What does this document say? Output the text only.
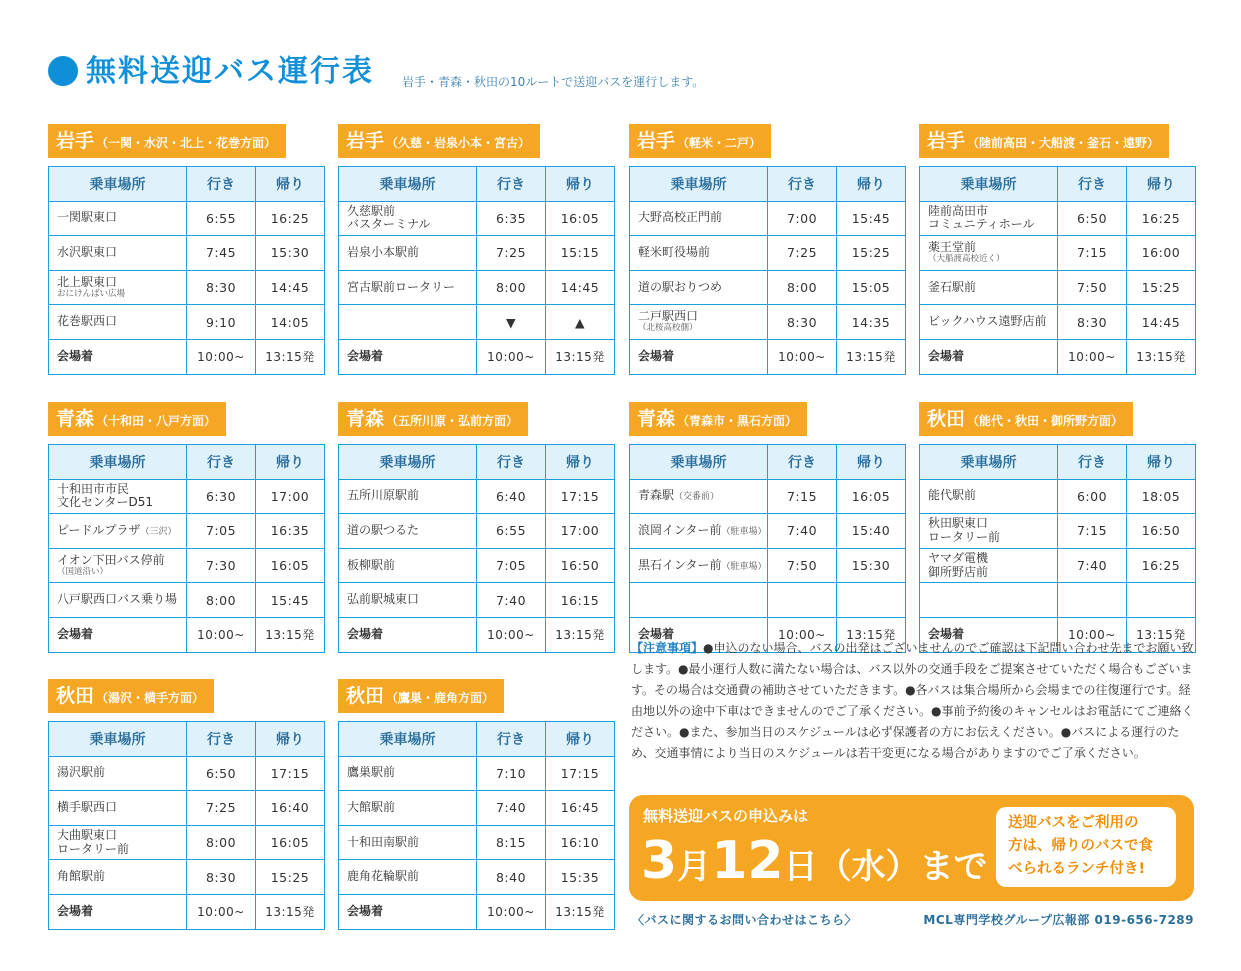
無料送迎バス運行表 岩手・青森・秋田の10ルートで送迎バスを運行します。
岩手 （一関・水沢・北上・花巻方面）
乗車場所	行き	帰り
一関駅東口	6:55	16:25
水沢駅東口	7:45	15:30
北上駅東口
おにけんばい広場	8:30	14:45
花巻駅西口	9:10	14:05
会場着	10:00~	13:15発
岩手 （久慈・岩泉小本・宮古）
乗車場所	行き	帰り
久慈駅前
バスターミナル	6:35	16:05
岩泉小本駅前	7:25	15:15
宮古駅前ロータリー	8:00	14:45
	▼	▲
会場着	10:00~	13:15発
岩手 （軽米・二戸）
乗車場所	行き	帰り
大野高校正門前	7:00	15:45
軽米町役場前	7:25	15:25
道の駅おりつめ	8:00	15:05
二戸駅西口
（北桜高校側）	8:30	14:35
会場着	10:00~	13:15発
岩手 （陸前高田・大船渡・釜石・遠野）
乗車場所	行き	帰り
陸前高田市
コミュニティホール	6:50	16:25
薬王堂前
（大船渡高校近く）	7:15	16:00
釜石駅前	7:50	15:25
ビックハウス遠野店前	8:30	14:45
会場着	10:00~	13:15発
青森 （十和田・八戸方面）
乗車場所	行き	帰り
十和田市市民
文化センターD51	6:30	17:00
ピードルプラザ（三沢）	7:05	16:35
イオン下田バス停前
（国道沿い）	7:30	16:05
八戸駅西口バス乗り場	8:00	15:45
会場着	10:00~	13:15発
青森 （五所川原・弘前方面）
乗車場所	行き	帰り
五所川原駅前	6:40	17:15
道の駅つるた	6:55	17:00
板柳駅前	7:05	16:50
弘前駅城東口	7:40	16:15
会場着	10:00~	13:15発
青森 （青森市・黒石方面）
乗車場所	行き	帰り
青森駅（交番前）	7:15	16:05
浪岡インター前（駐車場）	7:40	15:40
黒石インター前（駐車場）	7:50	15:30

会場着	10:00~	13:15発
秋田 （能代・秋田・御所野方面）
乗車場所	行き	帰り
能代駅前	6:00	18:05
秋田駅東口
ロータリー前	7:15	16:50
ヤマダ電機
御所野店前	7:40	16:25

会場着	10:00~	13:15発
秋田 （湯沢・横手方面）
乗車場所	行き	帰り
湯沢駅前	6:50	17:15
横手駅西口	7:25	16:40
大曲駅東口
ロータリー前	8:00	16:05
角館駅前	8:30	15:25
会場着	10:00~	13:15発
秋田 （鷹巣・鹿角方面）
乗車場所	行き	帰り
鷹巣駅前	7:10	17:15
大館駅前	7:40	16:45
十和田南駅前	8:15	16:10
鹿角花輪駅前	8:40	15:35
会場着	10:00~	13:15発
【注意事項】●申込のない場合、バスの出発はございませんのでご確認は下記問い合わせ先までお願い致します。●最小運行人数に満たない場合は、バス以外の交通手段をご提案させていただく場合もございます。その場合は交通費の補助させていただきます。●各バスは集合場所から会場までの往復運行です。経由地以外の途中下車はできませんのでご了承ください。●事前予約後のキャンセルはお電話にてご連絡ください。●また、参加当日のスケジュールは必ず保護者の方にお伝えください。●バスによる運行のため、交通事情により当日のスケジュールは若干変更になる場合がありますのでご了承ください。
無料送迎バスの申込みは
3月12日（水）まで
送迎バスをご利用の
方は、帰りのバスで食
べられるランチ付き!
〈バスに関するお問い合わせはこちら〉	MCL専門学校グループ広報部 019-656-7289
